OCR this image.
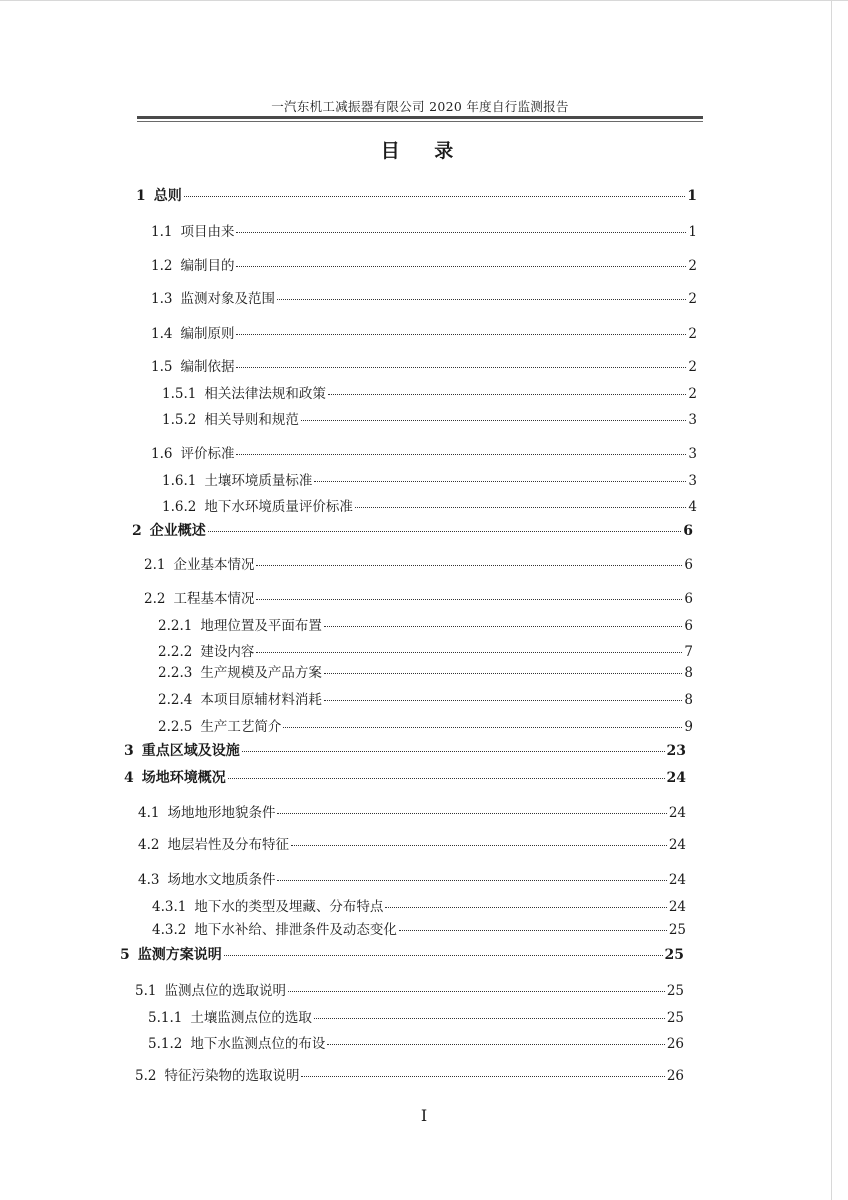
一汽东机工减振器有限公司 2020 年度自行监测报告
目 录
1 总则	1
1.1 项目由来	1
1.2 编制目的	2
1.3 监测对象及范围	2
1.4 编制原则	2
1.5 编制依据	2
1.5.1 相关法律法规和政策	2
1.5.2 相关导则和规范	3
1.6 评价标准	3
1.6.1 土壤环境质量标准	3
1.6.2 地下水环境质量评价标准	4
2 企业概述	6
2.1 企业基本情况	6
2.2 工程基本情况	6
2.2.1 地理位置及平面布置	6
2.2.2 建设内容	7
2.2.3 生产规模及产品方案	8
2.2.4 本项目原辅材料消耗	8
2.2.5 生产工艺简介	9
3 重点区域及设施	23
4 场地环境概况	24
4.1 场地地形地貌条件	24
4.2 地层岩性及分布特征	24
4.3 场地水文地质条件	24
4.3.1 地下水的类型及埋藏、分布特点	24
4.3.2 地下水补给、排泄条件及动态变化	25
5 监测方案说明	25
5.1 监测点位的选取说明	25
5.1.1 土壤监测点位的选取	25
5.1.2 地下水监测点位的布设	26
5.2 特征污染物的选取说明	26
I
